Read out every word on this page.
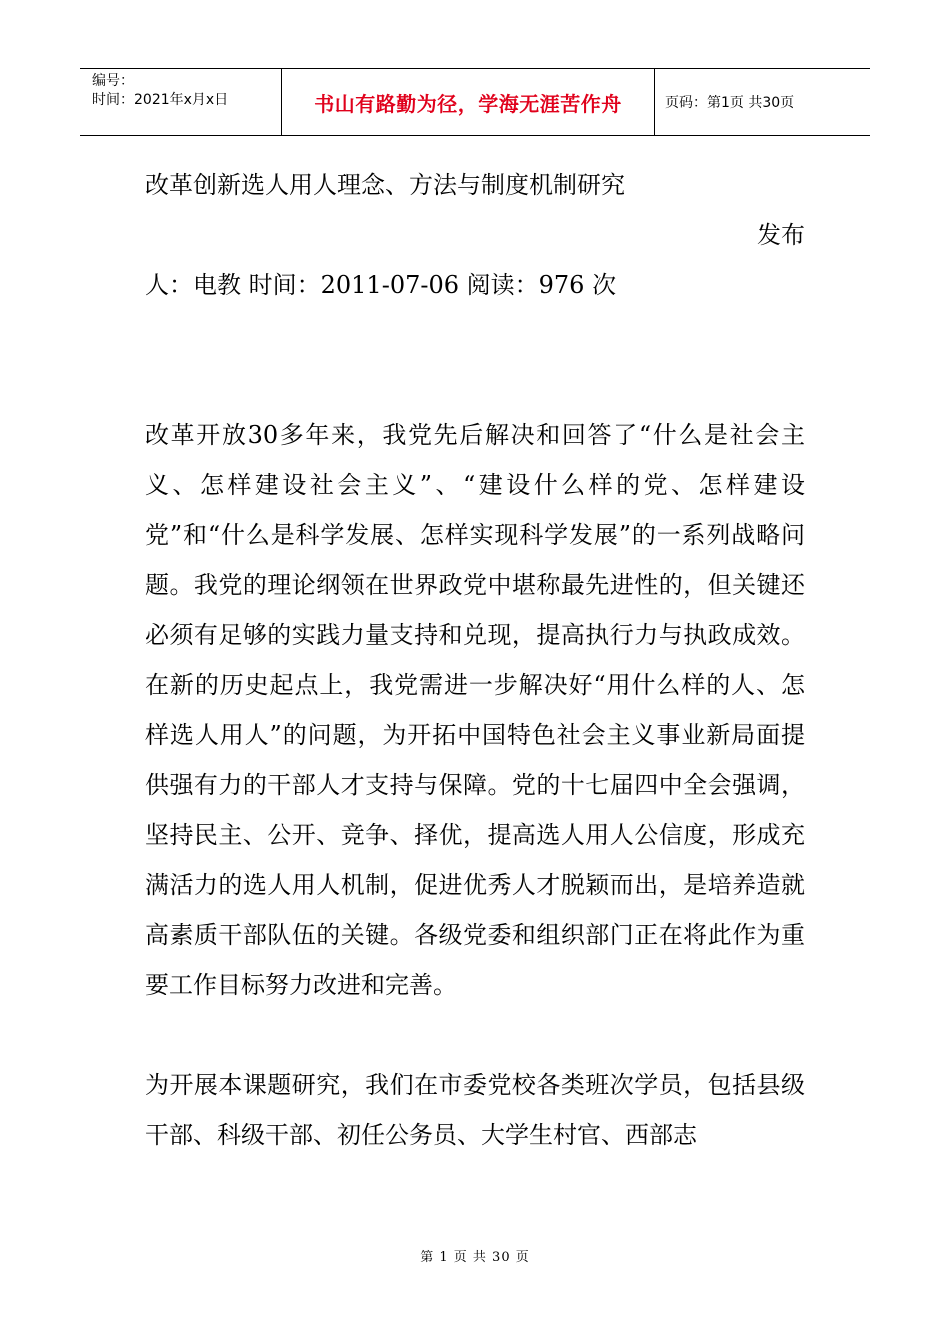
编号：
时间：2021年x月x日	书山有路勤为径，学海无涯苦作舟	页码：第1页 共30页
改革创新选人用人理念、方法与制度机制研究
发布
人：电教 时间：2011-07-06 阅读：976 次

改革开放30多年来，我党先后解决和回答了“什么是社会主义、怎样建设社会主义”、“建设什么样的党、怎样建设党”和“什么是科学发展、怎样实现科学发展”的一系列战略问题。我党的理论纲领在世界政党中堪称最先进性的，但关键还必须有足够的实践力量支持和兑现，提高执行力与执政成效。在新的历史起点上，我党需进一步解决好“用什么样的人、怎样选人用人”的问题，为开拓中国特色社会主义事业新局面提供强有力的干部人才支持与保障。党的十七届四中全会强调，坚持民主、公开、竞争、择优，提高选人用人公信度，形成充满活力的选人用人机制，促进优秀人才脱颖而出，是培养造就高素质干部队伍的关键。各级党委和组织部门正在将此作为重要工作目标努力改进和完善。

为开展本课题研究，我们在市委党校各类班次学员，包括县级干部、科级干部、初任公务员、大学生村官、西部志

第 1 页 共 30 页
